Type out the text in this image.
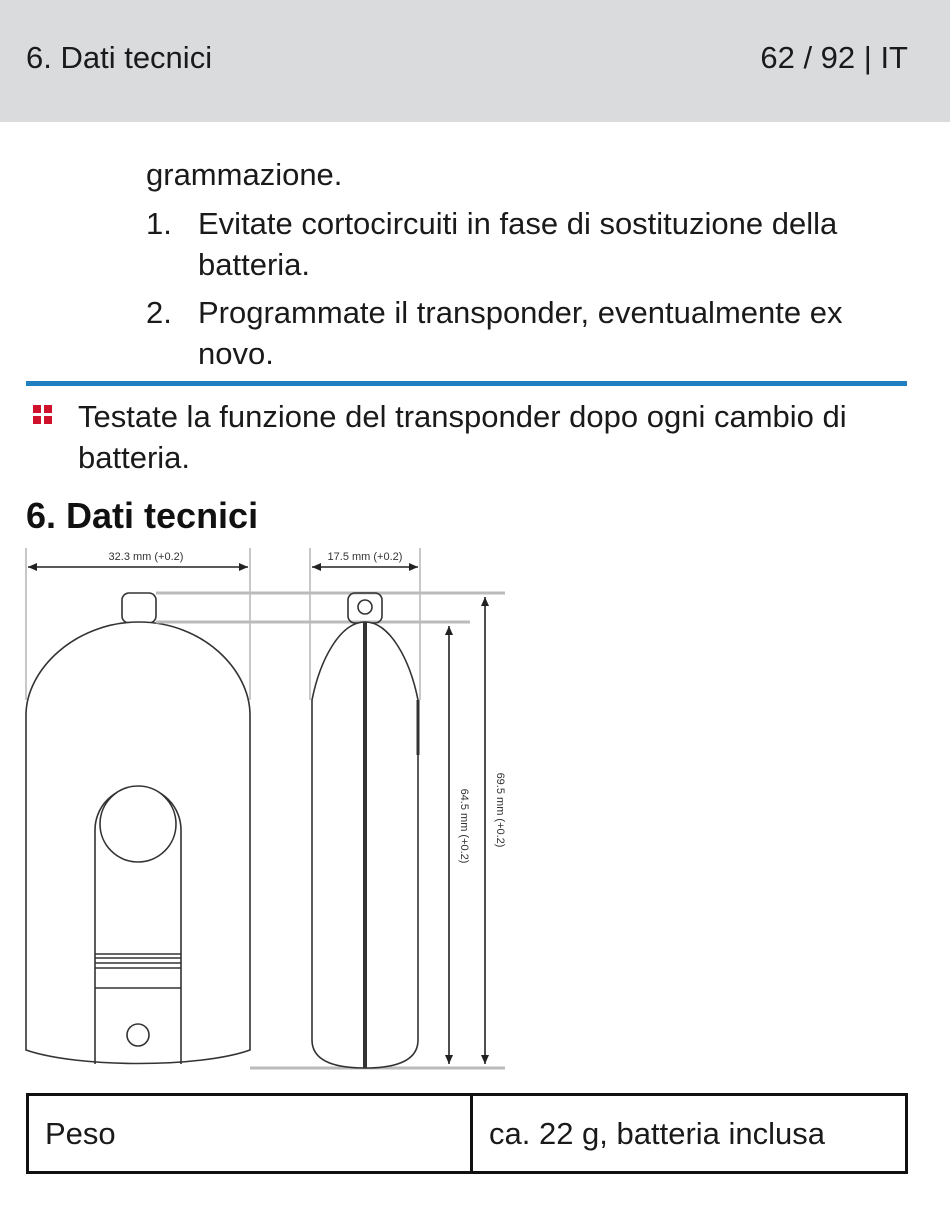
6. Dati tecnici	62 / 92 | IT
grammazione.
1. Evitate cortocircuiti in fase di sostituzione della batteria.
2. Programmate il transponder, eventualmente ex novo.
Testate la funzione del transponder dopo ogni cambio di batteria.
6. Dati tecnici
32.3 mm (+0.2)	17.5 mm (+0.2)
64.5 mm (+0.2) 69.5 mm (+0.2)
Peso	ca. 22 g, batteria inclusa
